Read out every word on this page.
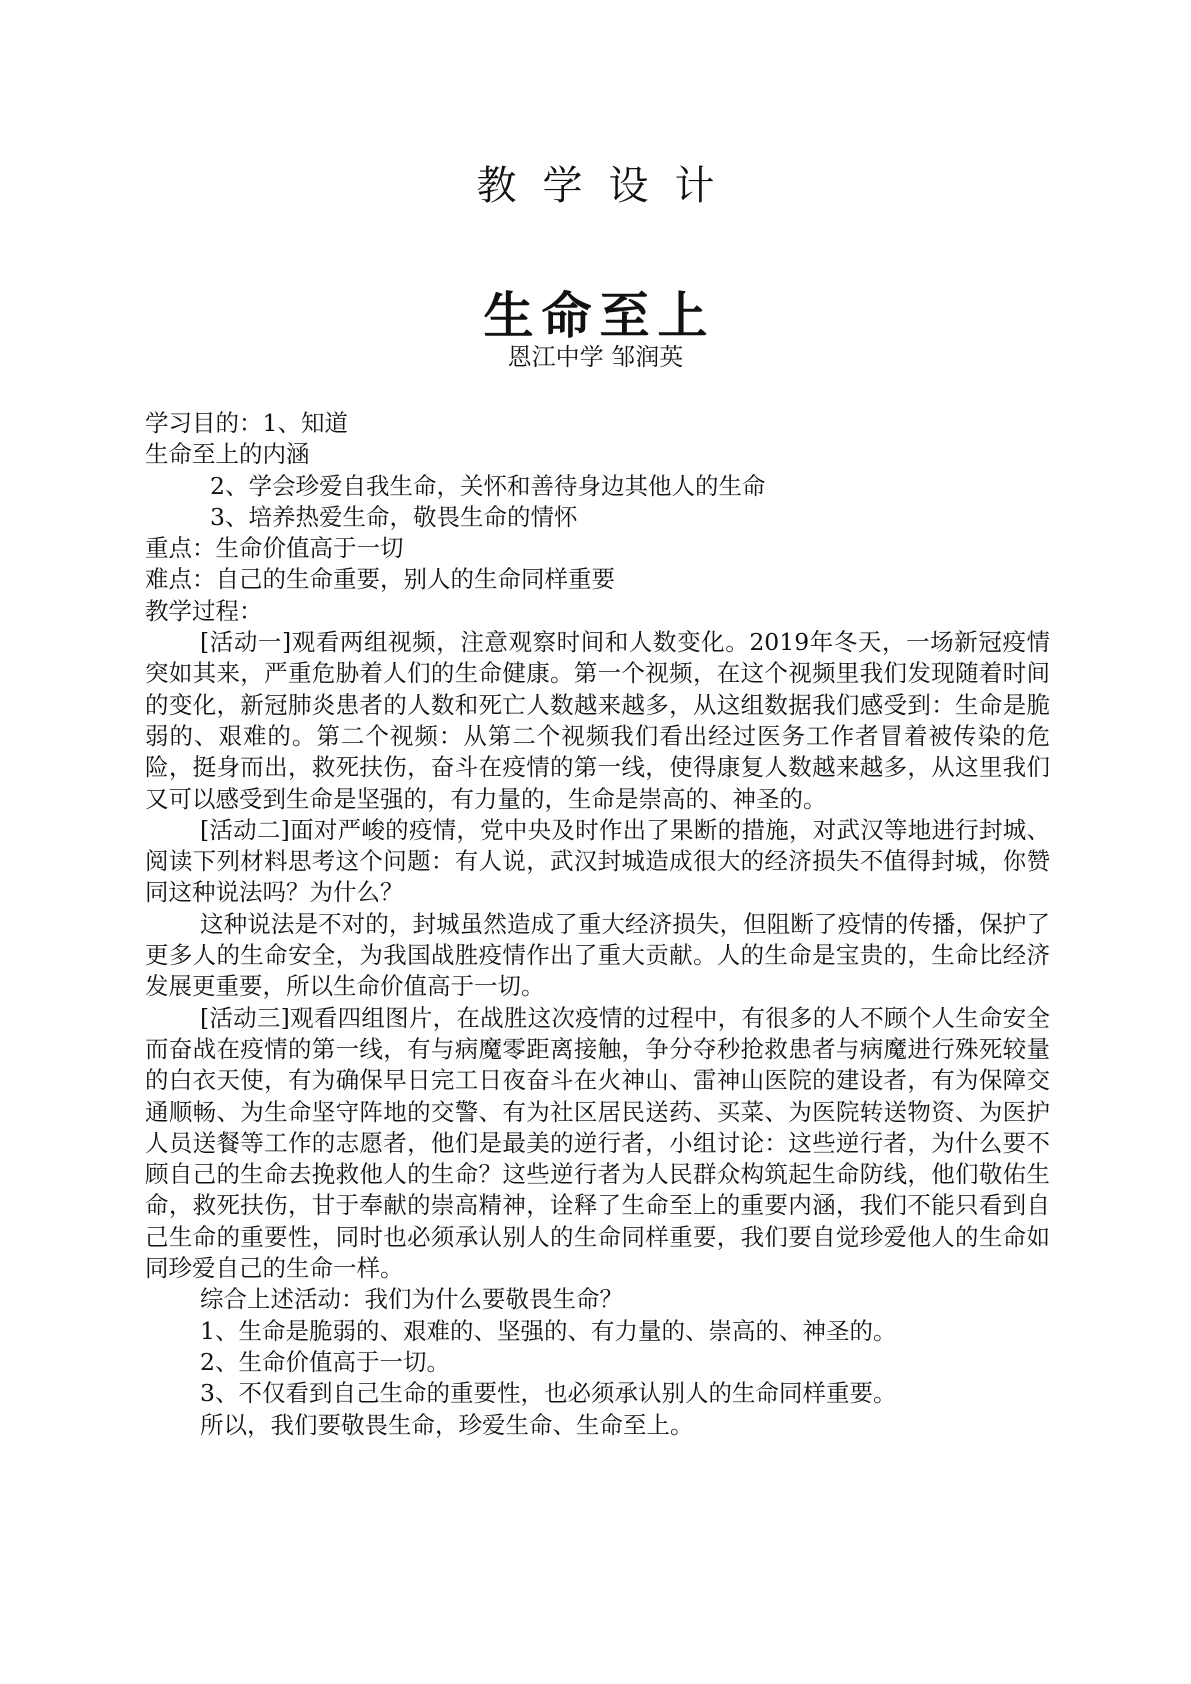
教学设计
生命至上
恩江中学 邹润英
学习目的：1、知道
生命至上的内涵
2、学会珍爱自我生命，关怀和善待身边其他人的生命
3、培养热爱生命，敬畏生命的情怀
重点：生命价值高于一切
难点：自己的生命重要，别人的生命同样重要
教学过程：

[活动一]观看两组视频，注意观察时间和人数变化。2019年冬天，一场新冠疫情突如其来，严重危胁着人们的生命健康。第一个视频，在这个视频里我们发现随着时间的变化，新冠肺炎患者的人数和死亡人数越来越多，从这组数据我们感受到：生命是脆弱的、艰难的。第二个视频：从第二个视频我们看出经过医务工作者冒着被传染的危险，挺身而出，救死扶伤，奋斗在疫情的第一线，使得康复人数越来越多，从这里我们又可以感受到生命是坚强的，有力量的，生命是崇高的、神圣的。

[活动二]面对严峻的疫情，党中央及时作出了果断的措施，对武汉等地进行封城、阅读下列材料思考这个问题：有人说，武汉封城造成很大的经济损失不值得封城，你赞同这种说法吗？为什么？

这种说法是不对的，封城虽然造成了重大经济损失，但阻断了疫情的传播，保护了更多人的生命安全，为我国战胜疫情作出了重大贡献。人的生命是宝贵的，生命比经济发展更重要，所以生命价值高于一切。

[活动三]观看四组图片，在战胜这次疫情的过程中，有很多的人不顾个人生命安全而奋战在疫情的第一线，有与病魔零距离接触，争分夺秒抢救患者与病魔进行殊死较量的白衣天使，有为确保早日完工日夜奋斗在火神山、雷神山医院的建设者，有为保障交通顺畅、为生命坚守阵地的交警、有为社区居民送药、买菜、为医院转送物资、为医护人员送餐等工作的志愿者，他们是最美的逆行者，小组讨论：这些逆行者，为什么要不顾自己的生命去挽救他人的生命？这些逆行者为人民群众构筑起生命防线，他们敬佑生命，救死扶伤，甘于奉献的崇高精神，诠释了生命至上的重要内涵，我们不能只看到自己生命的重要性，同时也必须承认别人的生命同样重要，我们要自觉珍爱他人的生命如同珍爱自己的生命一样。

综合上述活动：我们为什么要敬畏生命？
1、生命是脆弱的、艰难的、坚强的、有力量的、崇高的、神圣的。
2、生命价值高于一切。
3、不仅看到自己生命的重要性，也必须承认别人的生命同样重要。
所以，我们要敬畏生命，珍爱生命、生命至上。
